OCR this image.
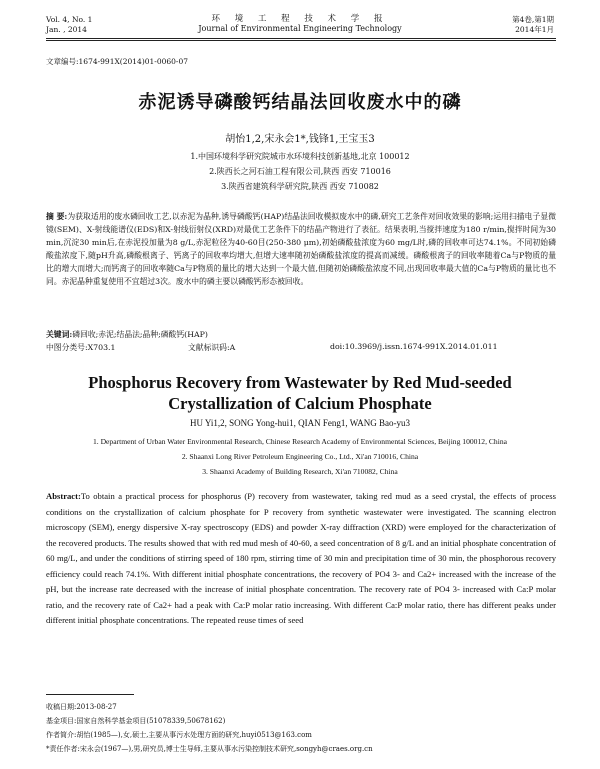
Vol. 4, No. 1
Jan. , 2014
环 境 工 程 技 术 学 报
Journal of Environmental Engineering Technology
第4卷,第1期
2014年1月
文章编号:1674-991X(2014)01-0060-07
赤泥诱导磷酸钙结晶法回收废水中的磷
胡怡1,2,宋永会1*,钱锋1,王宝玉3
1.中国环境科学研究院城市水环境科技创新基地,北京 100012
2.陕西长之河石油工程有限公司,陕西 西安 710016
3.陕西省建筑科学研究院,陕西 西安 710082
摘 要:为获取适用的废水磷回收工艺,以赤泥为晶种,诱导磷酸钙(HAP)结晶法回收模拟废水中的磷,研究工艺条件对回收效果的影响;运用扫描电子显微镜(SEM)、X-射线能谱仪(EDS)和X-射线衍射仪(XRD)对最优工艺条件下的结晶产物进行了表征。结果表明,当搅拌速度为180 r/min,搅拌时间为30 min,沉淀30 min后,在赤泥投加量为8 g/L,赤泥粒径为40-60目(250-380 μm),初始磷酸盐浓度为60 mg/L时,磷的回收率可达74.1%。不同初始磷酸盐浓度下,随pH升高,磷酸根离子、钙离子的回收率均增大,但增大速率随初始磷酸盐浓度的提高而减缓。磷酸根离子的回收率随着Ca与P物质的量比的增大而增大;而钙离子的回收率随Ca与P物质的量比的增大达到一个最大值,但随初始磷酸盐浓度不同,出现回收率最大值的Ca与P物质的量比也不同。赤泥晶种重复使用不宜超过3次。废水中的磷主要以磷酸钙形态被回收。
关键词:磷回收;赤泥;结晶法;晶种;磷酸钙(HAP)
中图分类号:X703.1	文献标识码:A	doi:10.3969/j.issn.1674-991X.2014.01.011
Phosphorus Recovery from Wastewater by Red Mud-seeded
Crystallization of Calcium Phosphate
HU Yi1,2, SONG Yong-hui1, QIAN Feng1, WANG Bao-yu3
1. Department of Urban Water Environmental Research, Chinese Research Academy of Environmental Sciences, Beijing 100012, China
2. Shaanxi Long River Petroleum Engineering Co., Ltd., Xi'an 710016, China
3. Shaanxi Academy of Building Research, Xi'an 710082, China
Abstract:To obtain a practical process for phosphorus (P) recovery from wastewater, taking red mud as a seed crystal, the effects of process conditions on the crystallization of calcium phosphate for P recovery from synthetic wastewater were investigated. The scanning electron microscopy (SEM), energy dispersive X-ray spectroscopy (EDS) and powder X-ray diffraction (XRD) were employed for the characterization of the recovered products. The results showed that with red mud mesh of 40-60, a seed concentration of 8 g/L and an initial phosphate concentration of 60 mg/L, and under the conditions of stirring speed of 180 rpm, stirring time of 30 min and precipitation time of 30 min, the phosphorous recovery efficiency could reach 74.1%. With different initial phosphate concentrations, the recovery of PO4 3- and Ca2+ increased with the increase of the pH, but the increase rate decreased with the increase of initial phosphate concentration. The recovery rate of PO4 3- increased with Ca:P molar ratio, and the recovery rate of Ca2+ had a peak with Ca:P molar ratio increasing. With different Ca:P molar ratio, there has different peaks under different initial phosphate concentrations. The repeated reuse times of seed
收稿日期:2013-08-27
基金项目:国家自然科学基金项目(51078339,50678162)
作者简介:胡怡(1985—),女,硕士,主要从事污水处理方面的研究,huyi0513@163.com
*责任作者:宋永会(1967—),男,研究员,博士生导师,主要从事水污染控制技术研究,songyh@craes.org.cn
